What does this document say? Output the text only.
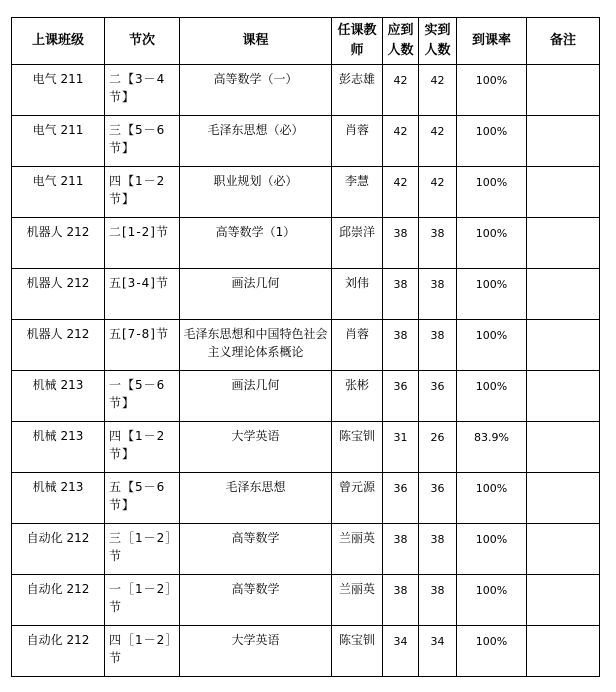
上课班级	节次	课程	任课教师	应到人数	实到人数	到课率	备注

电气 211	二【3－4节】	高等数学（一）	彭志雄	42	42	100%	

电气 211	三【5－6节】	毛泽东思想（必）	肖蓉	42	42	100%	

电气 211	四【1－2节】	职业规划（必）	李慧	42	42	100%	

机器人 212	二[1-2]节	高等数学（1）	邱崇洋	38	38	100%	

机器人 212	五[3-4]节	画法几何	刘伟	38	38	100%	

机器人 212	五[7-8]节	毛泽东思想和中国特色社会主义理论体系概论	肖蓉	38	38	100%	

机械 213	一【5－6节】	画法几何	张彬	36	36	100%	

机械 213	四【1－2节】	大学英语	陈宝钏	31	26	83.9%	

机械 213	五【5－6节】	毛泽东思想	曾元源	36	36	100%	

自动化 212	三［1－2］节	高等数学	兰丽英	38	38	100%	

自动化 212	一［1－2］节	高等数学	兰丽英	38	38	100%	

自动化 212	四［1－2］节	大学英语	陈宝钏	34	34	100%	
